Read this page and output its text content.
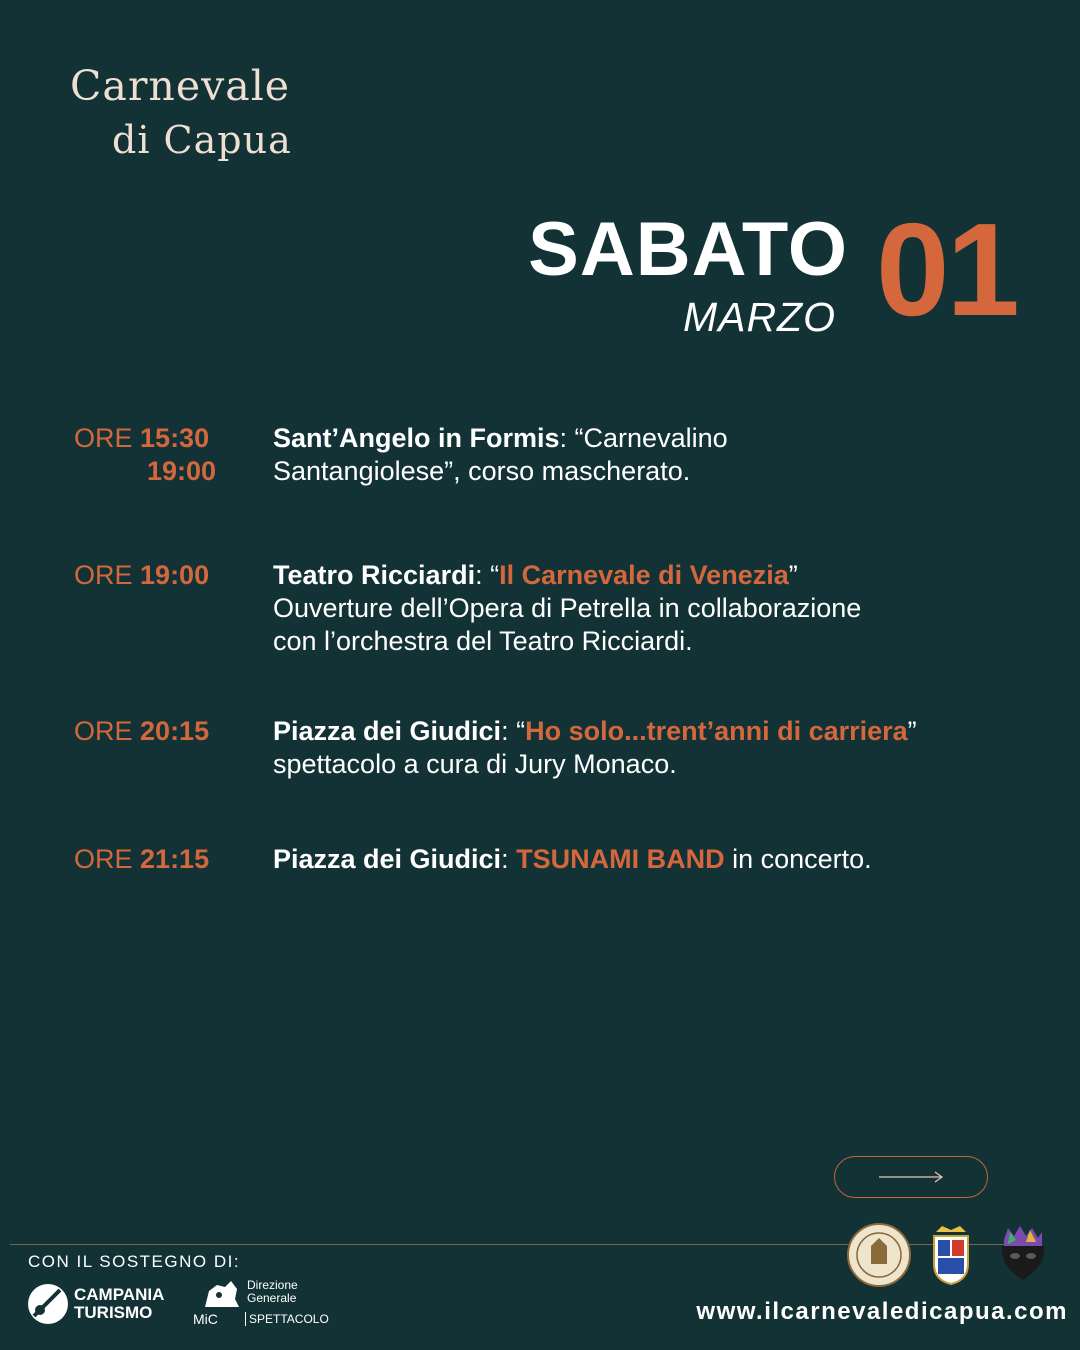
Carnevale
di Capua
SABATO
MARZO 01
ORE 15:30
19:00
Sant’Angelo in Formis: “Carnevalino
Santangiolese”, corso mascherato.
ORE 19:00 Teatro Ricciardi: “Il Carnevale di Venezia”
Ouverture dell’Opera di Petrella in collaborazione
con l’orchestra del Teatro Ricciardi.
ORE 20:15 Piazza dei Giudici: “Ho solo...trent’anni di carriera”
spettacolo a cura di Jury Monaco.
ORE 21:15 Piazza dei Giudici: TSUNAMI BAND in concerto.
CON IL SOSTEGNO DI:
CAMPANIA
TURISMO	MiC
Direzione
Generale
SPETTACOLO	www.ilcarnevaledicapua.com
